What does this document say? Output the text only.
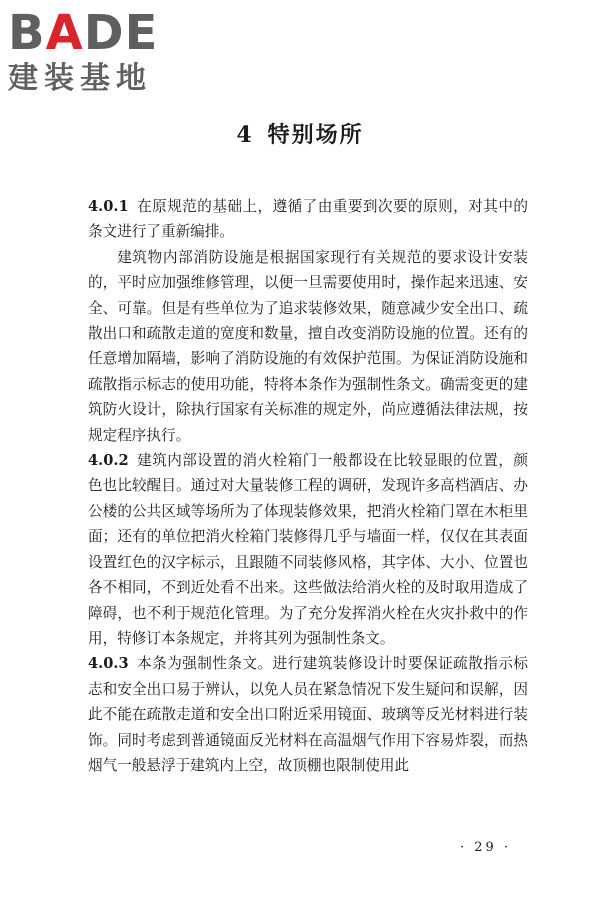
BADE
建装基地
4 特别场所

4.0.1 在原规范的基础上，遵循了由重要到次要的原则，对其中的条文进行了重新编排。

建筑物内部消防设施是根据国家现行有关规范的要求设计安装的，平时应加强维修管理，以便一旦需要使用时，操作起来迅速、安全、可靠。但是有些单位为了追求装修效果，随意减少安全出口、疏散出口和疏散走道的宽度和数量，擅自改变消防设施的位置。还有的任意增加隔墙，影响了消防设施的有效保护范围。为保证消防设施和疏散指示标志的使用功能，特将本条作为强制性条文。确需变更的建筑防火设计，除执行国家有关标准的规定外，尚应遵循法律法规，按规定程序执行。

4.0.2 建筑内部设置的消火栓箱门一般都设在比较显眼的位置，颜色也比较醒目。通过对大量装修工程的调研，发现许多高档酒店、办公楼的公共区域等场所为了体现装修效果，把消火栓箱门罩在木柜里面；还有的单位把消火栓箱门装修得几乎与墙面一样，仅仅在其表面设置红色的汉字标示，且跟随不同装修风格，其字体、大小、位置也各不相同，不到近处看不出来。这些做法给消火栓的及时取用造成了障碍，也不利于规范化管理。为了充分发挥消火栓在火灾扑救中的作用，特修订本条规定，并将其列为强制性条文。

4.0.3 本条为强制性条文。进行建筑装修设计时要保证疏散指示标志和安全出口易于辨认，以免人员在紧急情况下发生疑问和误解，因此不能在疏散走道和安全出口附近采用镜面、玻璃等反光材料进行装饰。同时考虑到普通镜面反光材料在高温烟气作用下容易炸裂，而热烟气一般悬浮于建筑内上空，故顶棚也限制使用此

· 29 ·
